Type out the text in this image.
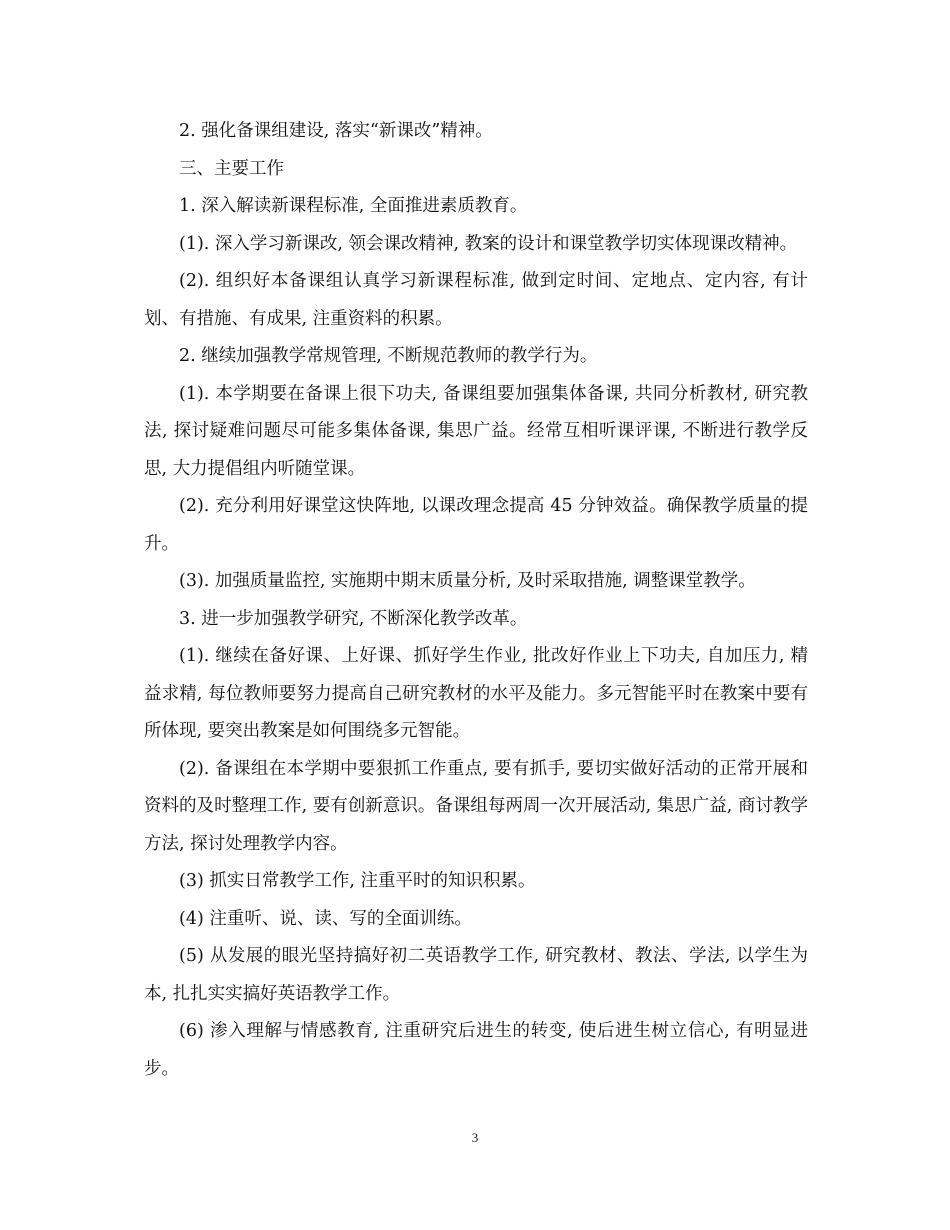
2. 强化备课组建设, 落实“新课改”精神。

三、主要工作

1. 深入解读新课程标准, 全面推进素质教育。

(1). 深入学习新课改, 领会课改精神, 教案的设计和课堂教学切实体现课改精神。

(2). 组织好本备课组认真学习新课程标准, 做到定时间、定地点、定内容, 有计划、有措施、有成果, 注重资料的积累。

2. 继续加强教学常规管理, 不断规范教师的教学行为。

(1). 本学期要在备课上很下功夫, 备课组要加强集体备课, 共同分析教材, 研究教法, 探讨疑难问题尽可能多集体备课, 集思广益。经常互相听课评课, 不断进行教学反思, 大力提倡组内听随堂课。

(2). 充分利用好课堂这快阵地, 以课改理念提高 45 分钟效益。确保教学质量的提升。

(3). 加强质量监控, 实施期中期末质量分析, 及时采取措施, 调整课堂教学。

3. 进一步加强教学研究, 不断深化教学改革。

(1). 继续在备好课、上好课、抓好学生作业, 批改好作业上下功夫, 自加压力, 精益求精, 每位教师要努力提高自己研究教材的水平及能力。多元智能平时在教案中要有所体现, 要突出教案是如何围绕多元智能。

(2). 备课组在本学期中要狠抓工作重点, 要有抓手, 要切实做好活动的正常开展和资料的及时整理工作, 要有创新意识。备课组每两周一次开展活动, 集思广益, 商讨教学方法, 探讨处理教学内容。

(3) 抓实日常教学工作, 注重平时的知识积累。

(4) 注重听、说、读、写的全面训练。

(5) 从发展的眼光坚持搞好初二英语教学工作, 研究教材、教法、学法, 以学生为本, 扎扎实实搞好英语教学工作。

(6) 渗入理解与情感教育, 注重研究后进生的转变, 使后进生树立信心, 有明显进步。

3
